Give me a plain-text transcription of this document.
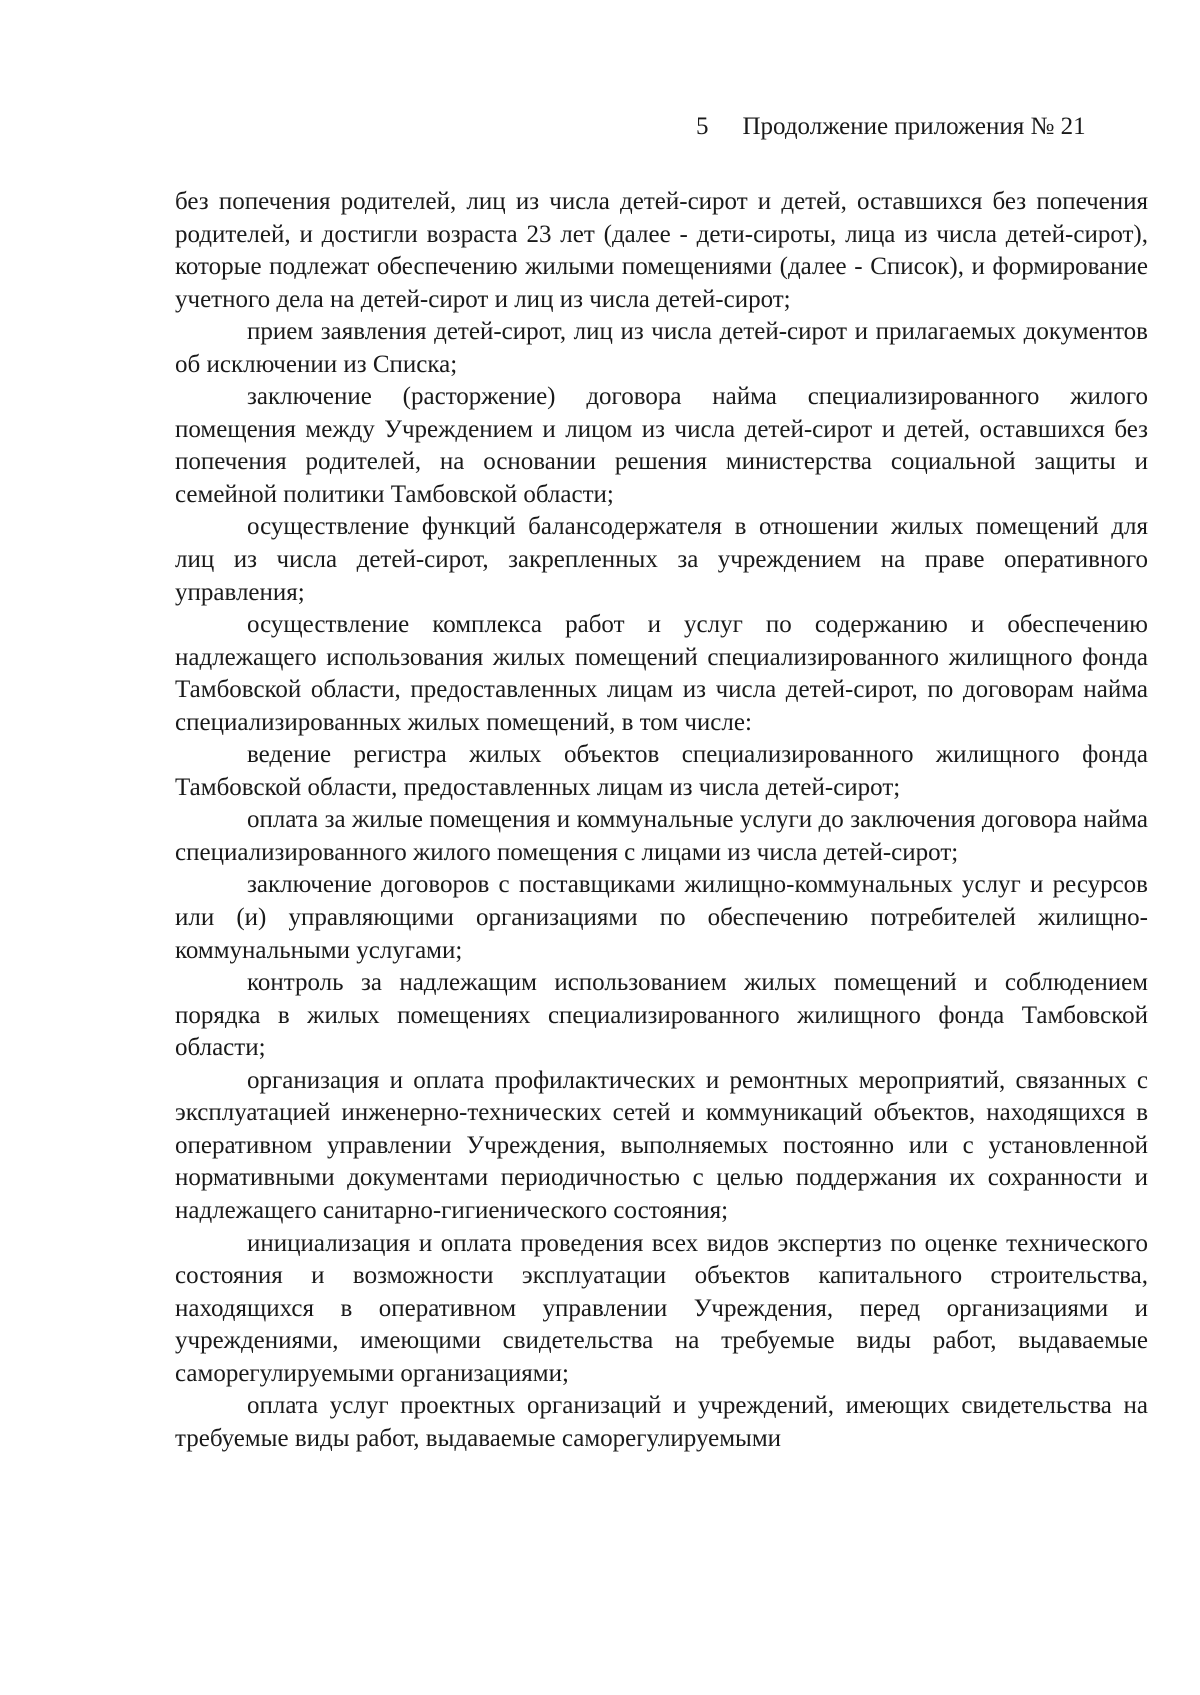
5 Продолжение приложения № 21

без попечения родителей, лиц из числа детей-сирот и детей, оставшихся без попечения родителей, и достигли возраста 23 лет (далее - дети-сироты, лица из числа детей-сирот), которые подлежат обеспечению жилыми помещениями (далее - Список), и формирование учетного дела на детей-сирот и лиц из числа детей-сирот;

прием заявления детей-сирот, лиц из числа детей-сирот и прилагаемых документов об исключении из Списка;

заключение (расторжение) договора найма специализированного жилого помещения между Учреждением и лицом из числа детей-сирот и детей, оставшихся без попечения родителей, на основании решения министерства социальной защиты и семейной политики Тамбовской области;

осуществление функций балансодержателя в отношении жилых помещений для лиц из числа детей-сирот, закрепленных за учреждением на праве оперативного управления;

осуществление комплекса работ и услуг по содержанию и обеспечению надлежащего использования жилых помещений специализированного жилищного фонда Тамбовской области, предоставленных лицам из числа детей-сирот, по договорам найма специализированных жилых помещений, в том числе:

ведение регистра жилых объектов специализированного жилищного фонда Тамбовской области, предоставленных лицам из числа детей-сирот;

оплата за жилые помещения и коммунальные услуги до заключения договора найма специализированного жилого помещения с лицами из числа детей-сирот;

заключение договоров с поставщиками жилищно-коммунальных услуг и ресурсов или (и) управляющими организациями по обеспечению потребителей жилищно-коммунальными услугами;

контроль за надлежащим использованием жилых помещений и соблюдением порядка в жилых помещениях специализированного жилищного фонда Тамбовской области;

организация и оплата профилактических и ремонтных мероприятий, связанных с эксплуатацией инженерно-технических сетей и коммуникаций объектов, находящихся в оперативном управлении Учреждения, выполняемых постоянно или с установленной нормативными документами периодичностью с целью поддержания их сохранности и надлежащего санитарно-гигиенического состояния;

инициализация и оплата проведения всех видов экспертиз по оценке технического состояния и возможности эксплуатации объектов капитального строительства, находящихся в оперативном управлении Учреждения, перед организациями и учреждениями, имеющими свидетельства на требуемые виды работ, выдаваемые саморегулируемыми организациями;

оплата услуг проектных организаций и учреждений, имеющих свидетельства на требуемые виды работ, выдаваемые саморегулируемыми
